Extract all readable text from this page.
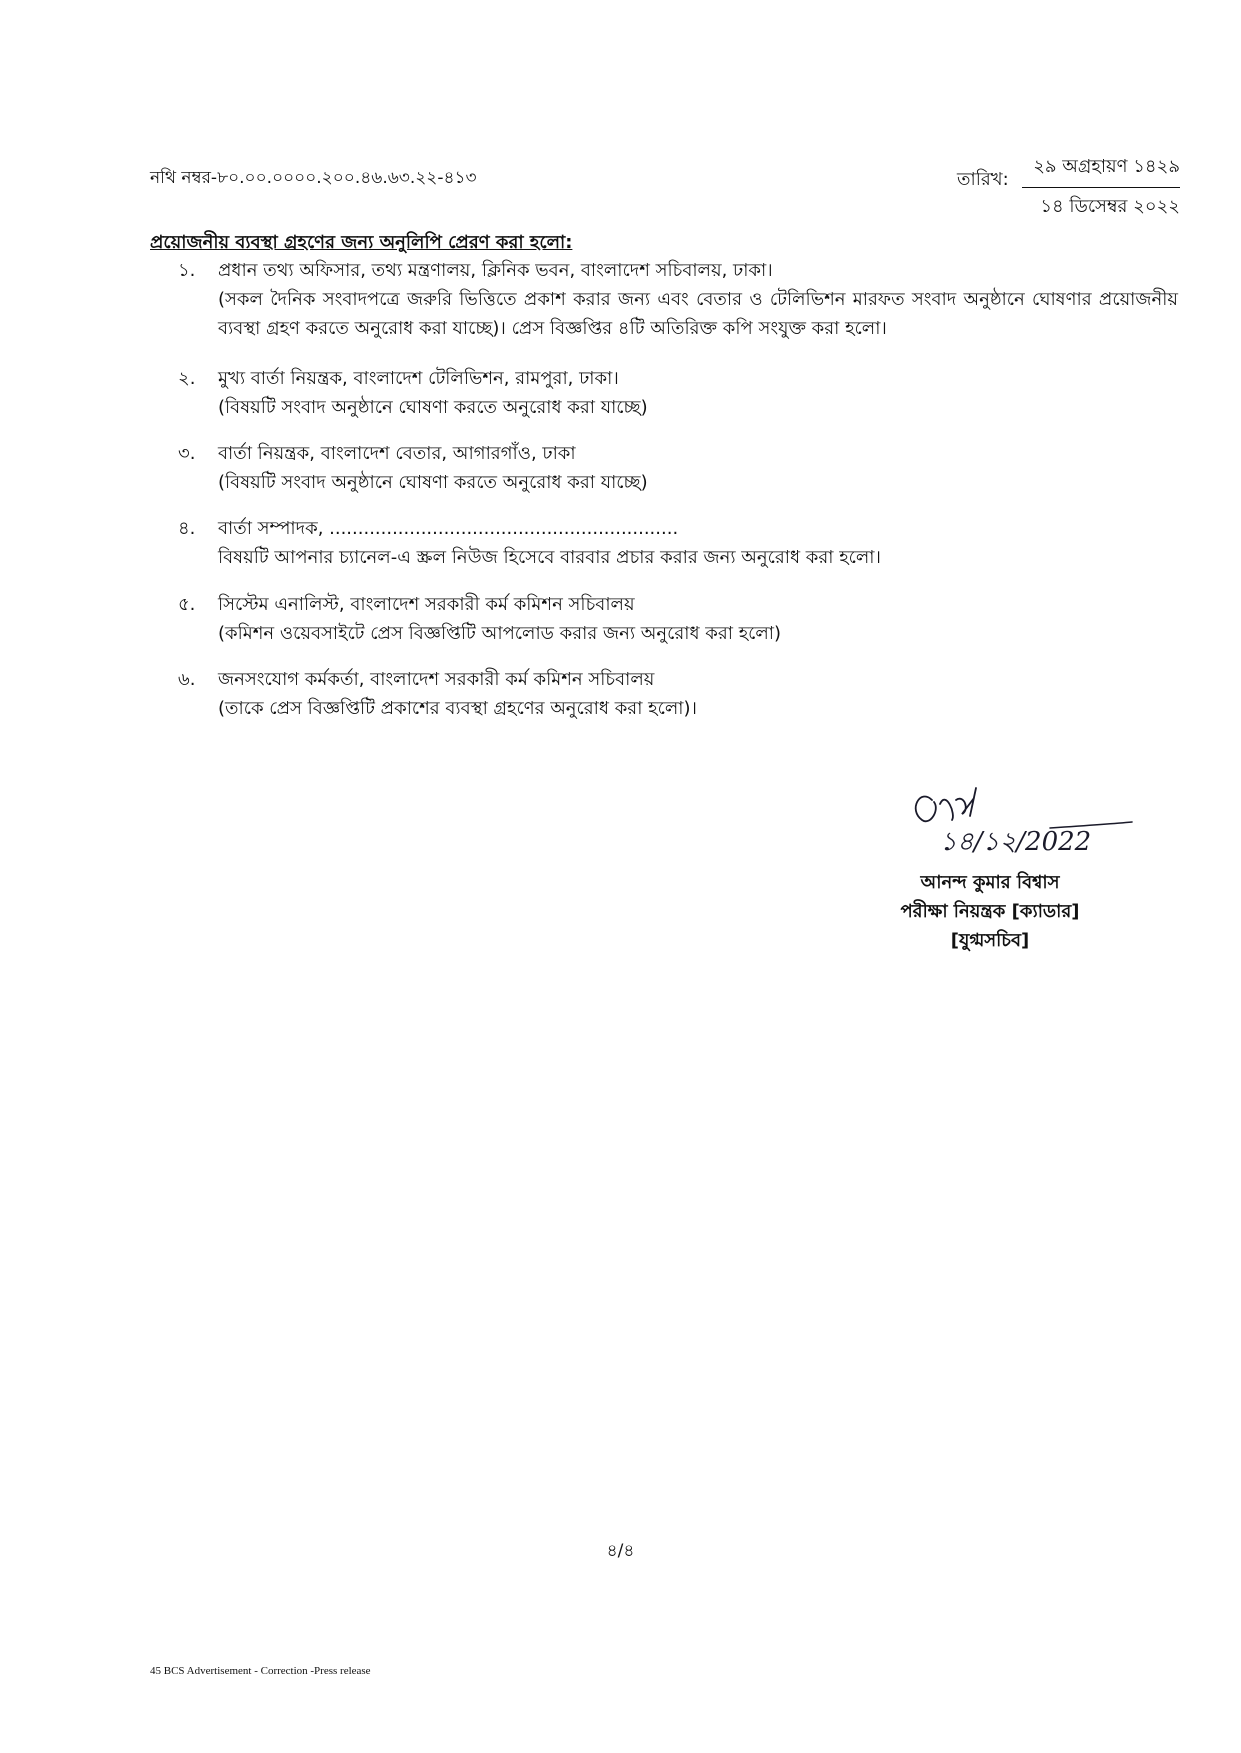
নথি নম্বর-৮০.০০.০০০০.২০০.৪৬.৬৩.২২-৪১৩	তারিখ:
২৯ অগ্রহায়ণ ১৪২৯
১৪ ডিসেম্বর ২০২২
প্রয়োজনীয় ব্যবস্থা গ্রহণের জন্য অনুলিপি প্রেরণ করা হলো:
১.	প্রধান তথ্য অফিসার, তথ্য মন্ত্রণালয়, ক্লিনিক ভবন, বাংলাদেশ সচিবালয়, ঢাকা।
(সকল দৈনিক সংবাদপত্রে জরুরি ভিত্তিতে প্রকাশ করার জন্য এবং বেতার ও টেলিভিশন মারফত সংবাদ অনুষ্ঠানে ঘোষণার প্রয়োজনীয় ব্যবস্থা গ্রহণ করতে অনুরোধ করা যাচ্ছে)। প্রেস বিজ্ঞপ্তির ৪টি অতিরিক্ত কপি সংযুক্ত করা হলো।
২.	মুখ্য বার্তা নিয়ন্ত্রক, বাংলাদেশ টেলিভিশন, রামপুরা, ঢাকা।
(বিষয়টি সংবাদ অনুষ্ঠানে ঘোষণা করতে অনুরোধ করা যাচ্ছে)
৩.	বার্তা নিয়ন্ত্রক, বাংলাদেশ বেতার, আগারগাঁও, ঢাকা
(বিষয়টি সংবাদ অনুষ্ঠানে ঘোষণা করতে অনুরোধ করা যাচ্ছে)
৪.	বার্তা সম্পাদক, .............................................................
বিষয়টি আপনার চ্যানেল-এ স্ক্রল নিউজ হিসেবে বারবার প্রচার করার জন্য অনুরোধ করা হলো।
৫.	সিস্টেম এনালিস্ট, বাংলাদেশ সরকারী কর্ম কমিশন সচিবালয়
(কমিশন ওয়েবসাইটে প্রেস বিজ্ঞপ্তিটি আপলোড করার জন্য অনুরোধ করা হলো)
৬.	জনসংযোগ কর্মকর্তা, বাংলাদেশ সরকারী কর্ম কমিশন সচিবালয়
(তাকে প্রেস বিজ্ঞপ্তিটি প্রকাশের ব্যবস্থা গ্রহণের অনুরোধ করা হলো)।
১৪/১২/2022
আনন্দ কুমার বিশ্বাস
পরীক্ষা নিয়ন্ত্রক [ক্যাডার]
[যুগ্মসচিব]
৪/৪
45 BCS Advertisement - Correction -Press release
